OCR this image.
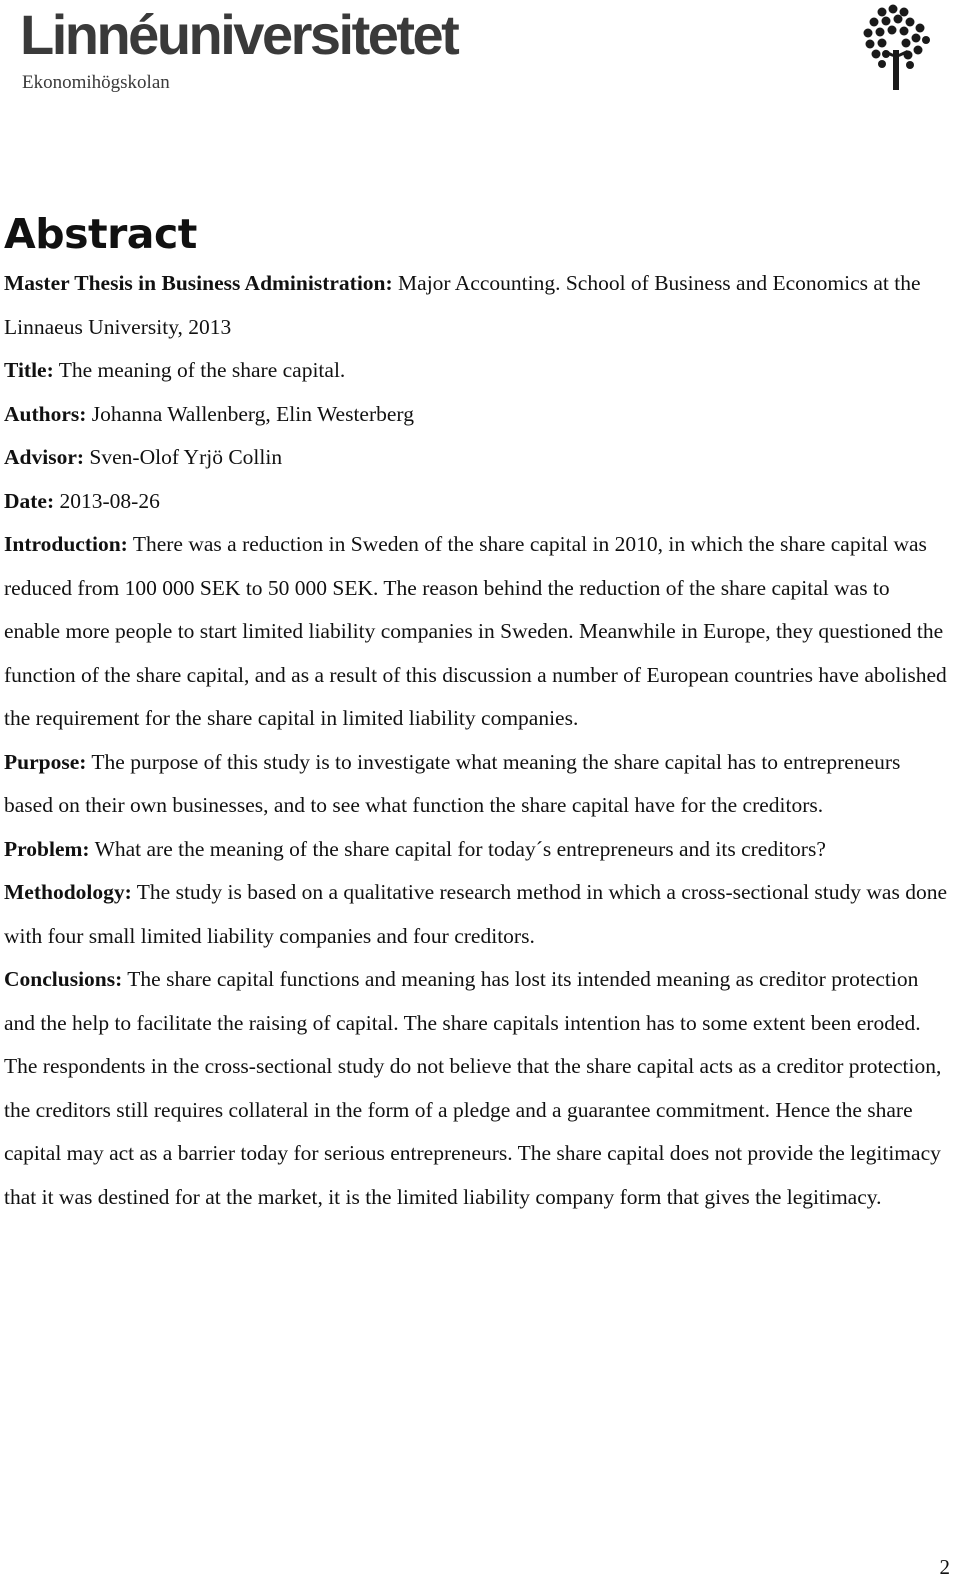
Linnéuniversitetet
Ekonomihögskolan
Abstract

Master Thesis in Business Administration: Major Accounting. School of Business and Economics at the Linnaeus University, 2013

Title: The meaning of the share capital.

Authors: Johanna Wallenberg, Elin Westerberg

Advisor: Sven-Olof Yrjö Collin

Date: 2013-08-26

Introduction: There was a reduction in Sweden of the share capital in 2010, in which the share capital was reduced from 100 000 SEK to 50 000 SEK. The reason behind the reduction of the share capital was to enable more people to start limited liability companies in Sweden. Meanwhile in Europe, they questioned the function of the share capital, and as a result of this discussion a number of European countries have abolished the requirement for the share capital in limited liability companies.

Purpose: The purpose of this study is to investigate what meaning the share capital has to entrepreneurs based on their own businesses, and to see what function the share capital have for the creditors.

Problem: What are the meaning of the share capital for today´s entrepreneurs and its creditors?

Methodology: The study is based on a qualitative research method in which a cross-sectional study was done with four small limited liability companies and four creditors.

Conclusions: The share capital functions and meaning has lost its intended meaning as creditor protection and the help to facilitate the raising of capital. The share capitals intention has to some extent been eroded. The respondents in the cross-sectional study do not believe that the share capital acts as a creditor protection, the creditors still requires collateral in the form of a pledge and a guarantee commitment. Hence the share capital may act as a barrier today for serious entrepreneurs. The share capital does not provide the legitimacy that it was destined for at the market, it is the limited liability company form that gives the legitimacy.

2
